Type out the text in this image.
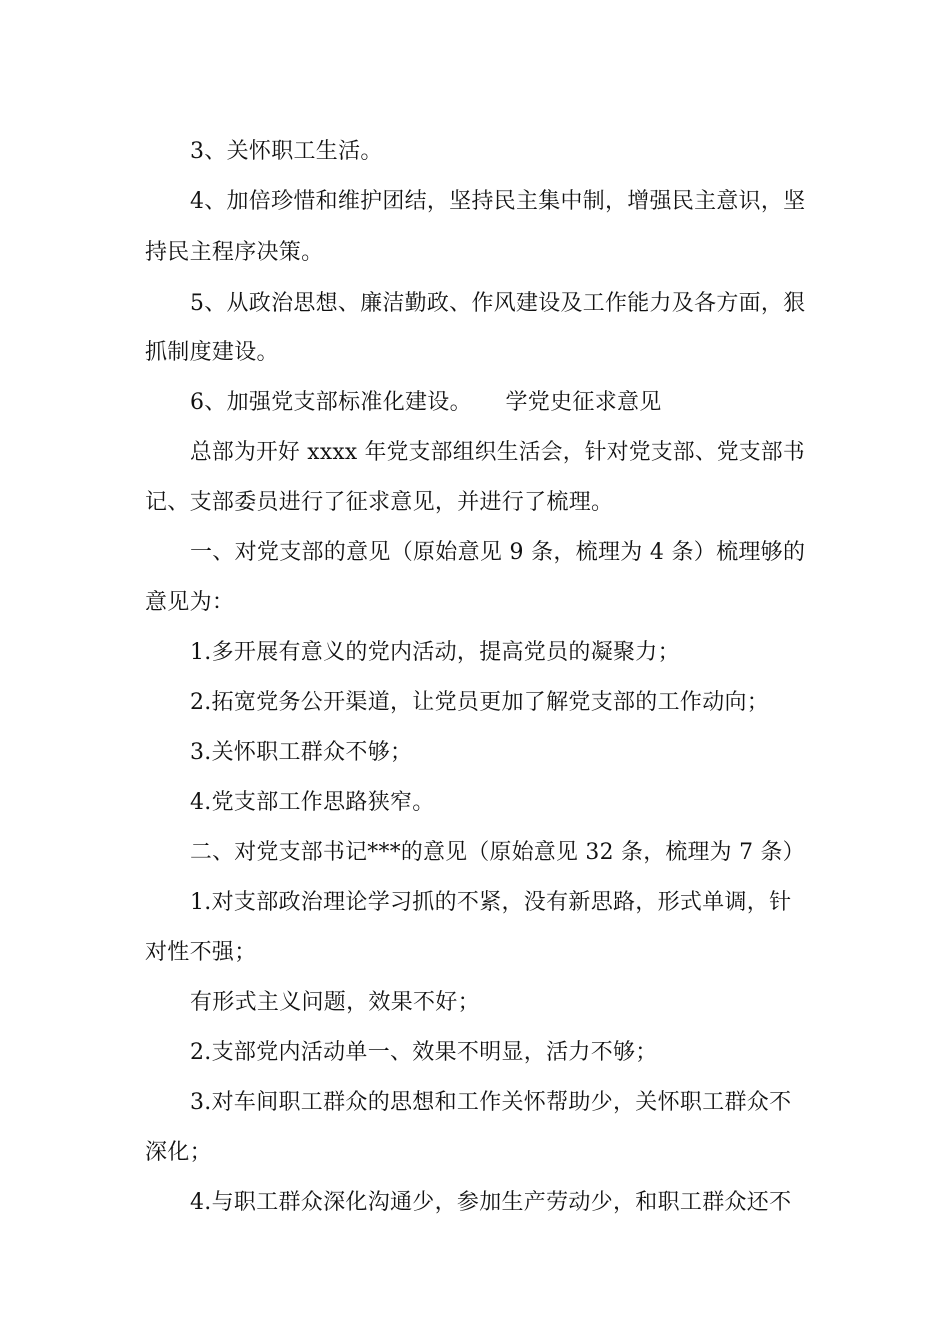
3、关怀职工生活。
4、加倍珍惜和维护团结，坚持民主集中制，增强民主意识，坚
持民主程序决策。
5、从政治思想、廉洁勤政、作风建设及工作能力及各方面，狠
抓制度建设。
6、加强党支部标准化建设。　　学党史征求意见
总部为开好 xxxx 年党支部组织生活会，针对党支部、党支部书
记、支部委员进行了征求意见，并进行了梳理。
一、对党支部的意见（原始意见 9 条，梳理为 4 条）梳理够的
意见为：
1.多开展有意义的党内活动，提高党员的凝聚力；
2.拓宽党务公开渠道，让党员更加了解党支部的工作动向；
3.关怀职工群众不够；
4.党支部工作思路狭窄。
二、对党支部书记***的意见（原始意见 32 条，梳理为 7 条）
1.对支部政治理论学习抓的不紧，没有新思路，形式单调，针
对性不强；
有形式主义问题，效果不好；
2.支部党内活动单一、效果不明显，活力不够；
3.对车间职工群众的思想和工作关怀帮助少，关怀职工群众不
深化；
4.与职工群众深化沟通少，参加生产劳动少，和职工群众还不
